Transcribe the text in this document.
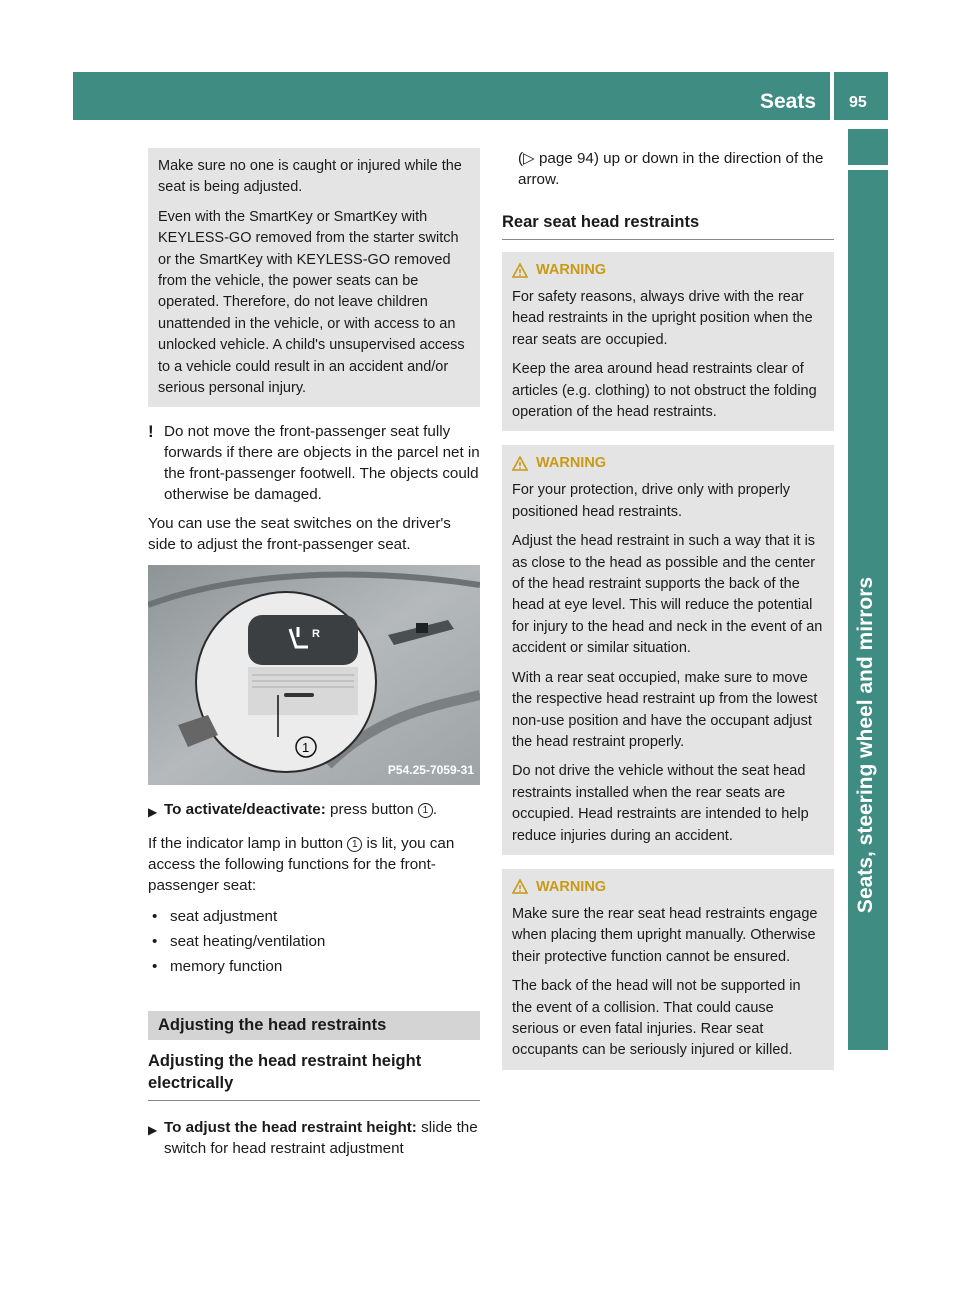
Seats 95
Seats, steering wheel and mirrors

Make sure no one is caught or injured while the seat is being adjusted.

Even with the SmartKey or SmartKey with KEYLESS-GO removed from the starter switch or the SmartKey with KEYLESS-GO removed from the vehicle, the power seats can be operated. Therefore, do not leave children unattended in the vehicle, or with access to an unlocked vehicle. A child's unsupervised access to a vehicle could result in an accident and/or serious personal injury.

! Do not move the front-passenger seat fully forwards if there are objects in the parcel net in the front-passenger footwell. The objects could otherwise be damaged.

You can use the seat switches on the driver's side to adjust the front-passenger seat.

R
1
P54.25-7059-31
▶ To activate/deactivate: press button 1 .

If the indicator lamp in button 1 is lit, you can access the following functions for the front-passenger seat:

• seat adjustment
• seat heating/ventilation
• memory function
Adjusting the head restraints
Adjusting the head restraint height electrically
▶ To adjust the head restraint height: slide the switch for head restraint adjustment
(▷ page 94) up or down in the direction of the arrow.
Rear seat head restraints
WARNING

For safety reasons, always drive with the rear head restraints in the upright position when the rear seats are occupied.

Keep the area around head restraints clear of articles (e.g. clothing) to not obstruct the folding operation of the head restraints.

WARNING

For your protection, drive only with properly positioned head restraints.

Adjust the head restraint in such a way that it is as close to the head as possible and the center of the head restraint supports the back of the head at eye level. This will reduce the potential for injury to the head and neck in the event of an accident or similar situation.

With a rear seat occupied, make sure to move the respective head restraint up from the lowest non-use position and have the occupant adjust the head restraint properly.

Do not drive the vehicle without the seat head restraints installed when the rear seats are occupied. Head restraints are intended to help reduce injuries during an accident.

WARNING

Make sure the rear seat head restraints engage when placing them upright manually. Otherwise their protective function cannot be ensured.

The back of the head will not be supported in the event of a collision. That could cause serious or even fatal injuries. Rear seat occupants can be seriously injured or killed.
